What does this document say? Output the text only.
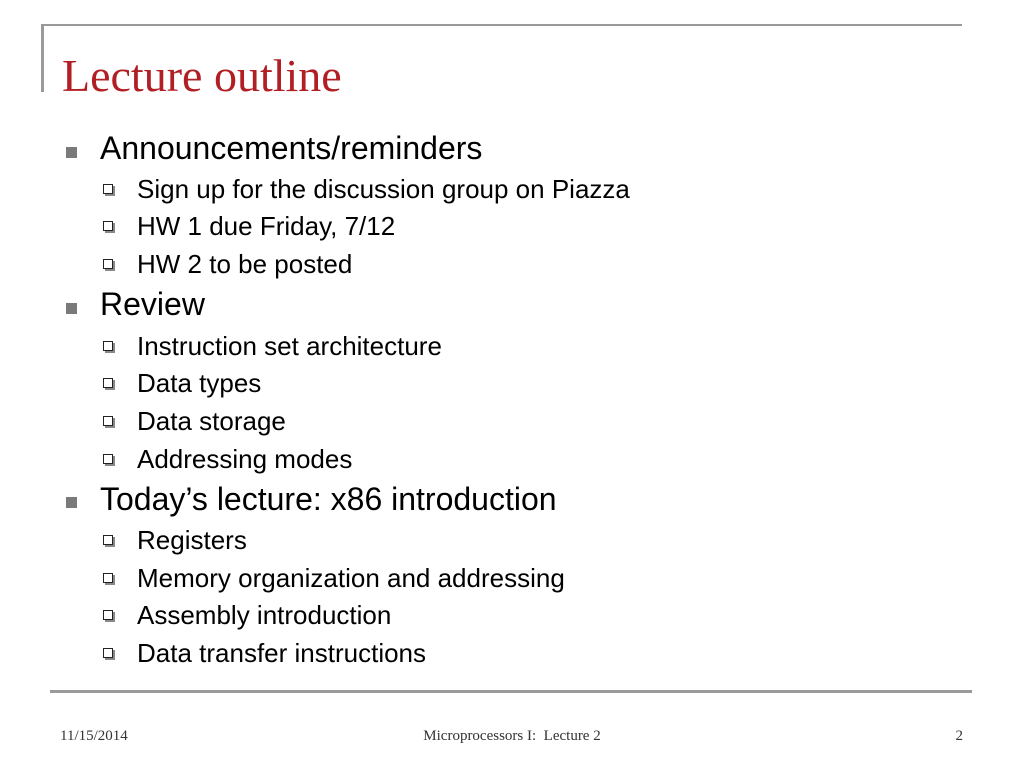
Lecture outline
Announcements/reminders
Sign up for the discussion group on Piazza
HW 1 due Friday, 7/12
HW 2 to be posted
Review
Instruction set architecture
Data types
Data storage
Addressing modes
Today’s lecture: x86 introduction
Registers
Memory organization and addressing
Assembly introduction
Data transfer instructions
11/15/2014	Microprocessors I:  Lecture 2	2
